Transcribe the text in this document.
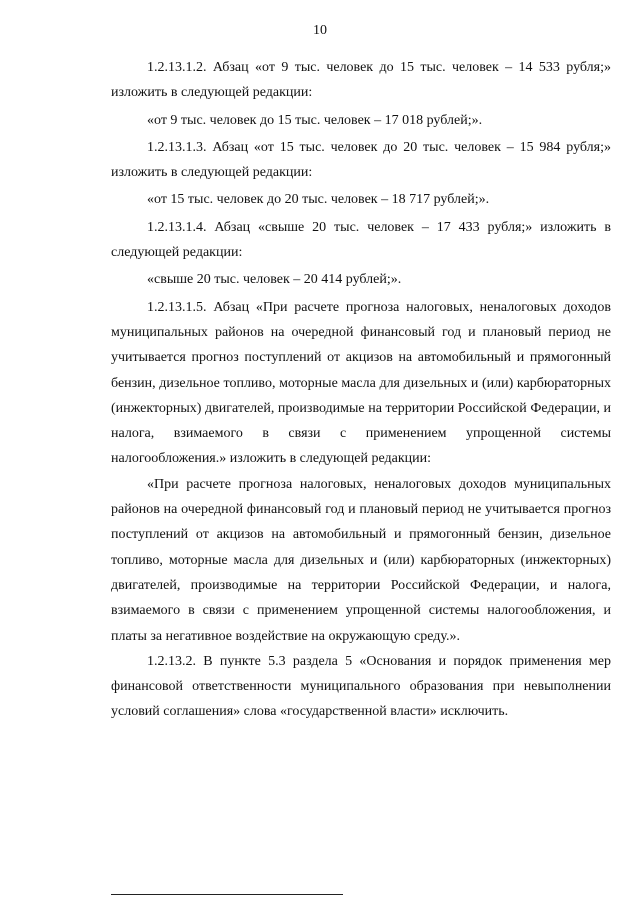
10

1.2.13.1.2. Абзац «от 9 тыс. человек до 15 тыс. человек – 14 533 рубля;» изложить в следующей редакции:

«от 9 тыс. человек до 15 тыс. человек – 17 018 рублей;».

1.2.13.1.3. Абзац «от 15 тыс. человек до 20 тыс. человек – 15 984 рубля;» изложить в следующей редакции:

«от 15 тыс. человек до 20 тыс. человек – 18 717 рублей;».

1.2.13.1.4. Абзац «свыше 20 тыс. человек – 17 433 рубля;» изложить в следующей редакции:

«свыше 20 тыс. человек – 20 414 рублей;».

1.2.13.1.5. Абзац «При расчете прогноза налоговых, неналоговых доходов муниципальных районов на очередной финансовый год и плановый период не учитывается прогноз поступлений от акцизов на автомобильный и прямогонный бензин, дизельное топливо, моторные масла для дизельных и (или) карбюраторных (инжекторных) двигателей, производимые на территории Российской Федерации, и налога, взимаемого в связи с применением упрощенной системы налогообложения.» изложить в следующей редакции:

«При расчете прогноза налоговых, неналоговых доходов муниципальных районов на очередной финансовый год и плановый период не учитывается прогноз поступлений от акцизов на автомобильный и прямогонный бензин, дизельное топливо, моторные масла для дизельных и (или) карбюраторных (инжекторных) двигателей, производимые на территории Российской Федерации, и налога, взимаемого в связи с применением упрощенной системы налогообложения, и платы за негативное воздействие на окружающую среду.».

1.2.13.2. В пункте 5.3 раздела 5 «Основания и порядок применения мер финансовой ответственности муниципального образования при невыполнении условий соглашения» слова «государственной власти» исключить.
